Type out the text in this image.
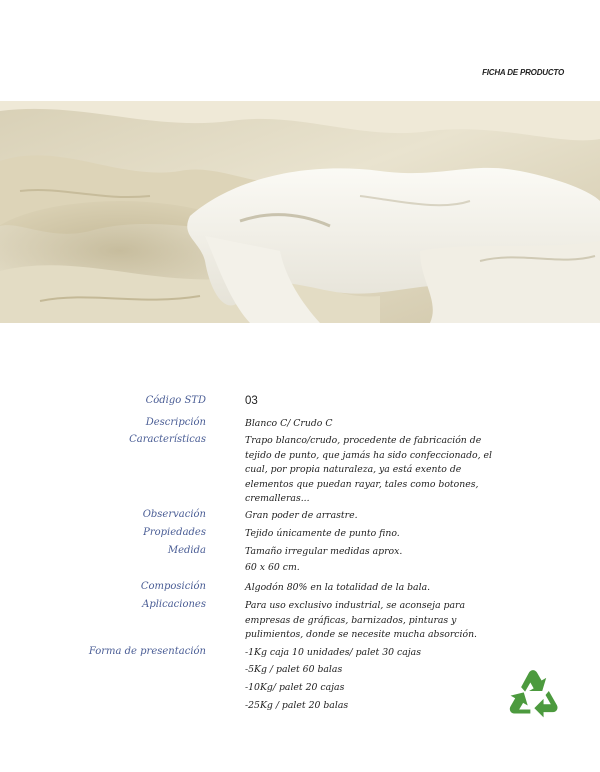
FICHA DE PRODUCTO
Código STD	03
Descripción	Blanco C/ Crudo C
Características	Trapo blanco/crudo, procedente de fabricación de
tejido de punto, que jamás ha sido confeccionado, el
cual, por propia naturaleza, ya está exento de
elementos que puedan rayar, tales como botones,
cremalleras...
Observación	Gran poder de arrastre.
Propiedades	Tejido únicamente de punto fino.
Medida	Tamaño irregular medidas aprox.
60 x 60 cm.
Composición	Algodón 80% en la totalidad de la bala.
Aplicaciones	Para uso exclusivo industrial, se aconseja para
empresas de gráficas, barnizados, pinturas y
pulimientos, donde se necesite mucha absorción.
Forma de presentación	-1Kg caja 10 unidades/ palet 30 cajas
-5Kg / palet 60 balas
-10Kg/ palet 20 cajas
-25Kg / palet 20 balas
